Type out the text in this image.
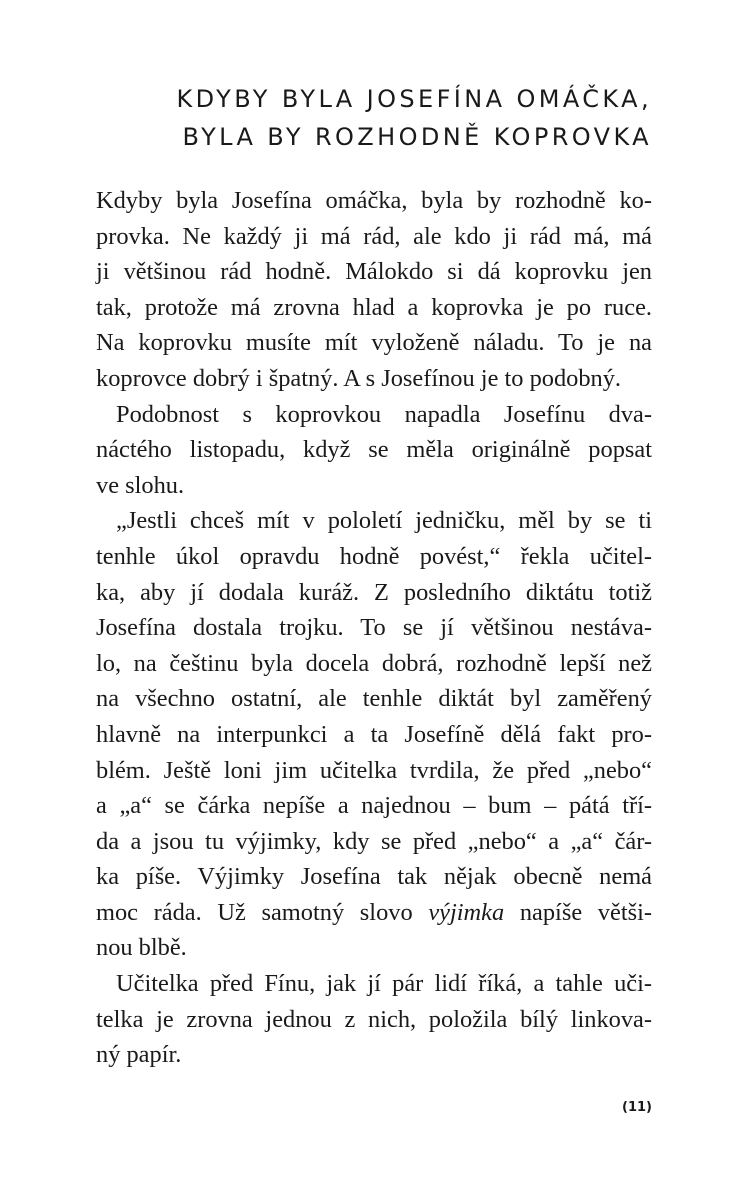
KDYBY BYLA JOSEFÍNA OMÁČKA,
BYLA BY ROZHODNĚ KOPROVKA
Kdyby byla Josefína omáčka, byla by rozhodně ko-
provka. Ne každý ji má rád, ale kdo ji rád má, má
ji většinou rád hodně. Málokdo si dá koprovku jen
tak, protože má zrovna hlad a koprovka je po ruce.
Na koprovku musíte mít vyloženě náladu. To je na
koprovce dobrý i špatný. A s Josefínou je to podobný.
Podobnost s koprovkou napadla Josefínu dva-
náctého listopadu, když se měla originálně popsat
ve slohu.
„Jestli chceš mít v pololetí jedničku, měl by se ti
tenhle úkol opravdu hodně povést,“ řekla učitel-
ka, aby jí dodala kuráž. Z posledního diktátu totiž
Josefína dostala trojku. To se jí většinou nestáva-
lo, na češtinu byla docela dobrá, rozhodně lepší než
na všechno ostatní, ale tenhle diktát byl zaměřený
hlavně na interpunkci a ta Josefíně dělá fakt pro-
blém. Ještě loni jim učitelka tvrdila, že před „nebo“
a „a“ se čárka nepíše a najednou – bum – pátá tří-
da a jsou tu výjimky, kdy se před „nebo“ a „a“ čár-
ka píše. Výjimky Josefína tak nějak obecně nemá
moc ráda. Už samotný slovo výjimka napíše větši-
nou blbě.
Učitelka před Fínu, jak jí pár lidí říká, a tahle uči-
telka je zrovna jednou z nich, položila bílý linkova-
ný papír.
(11)
